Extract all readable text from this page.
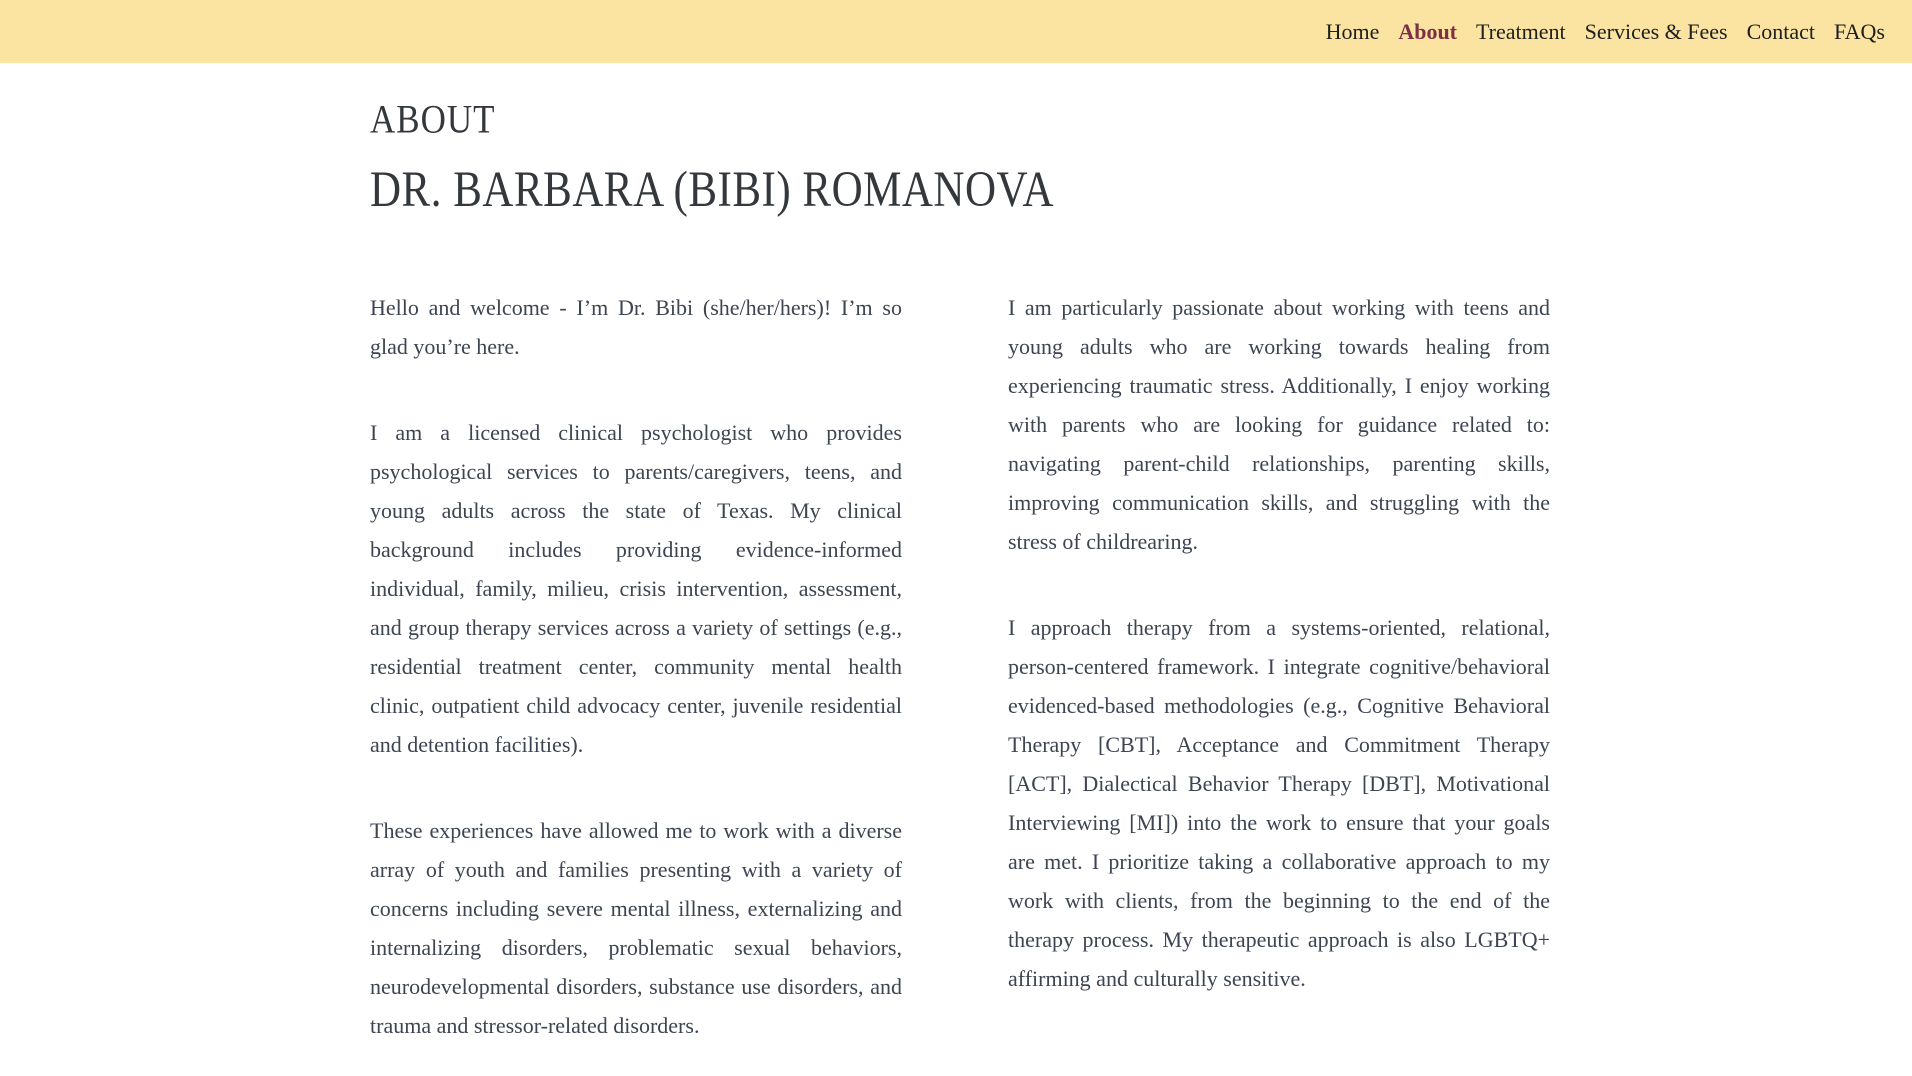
Home About Treatment Services & Fees Contact FAQs
ABOUT
DR. BARBARA (BIBI) ROMANOVA

Hello and welcome - I’m Dr. Bibi (she/her/hers)! I’m so glad you’re here.

I am a licensed clinical psychologist who provides psychological services to parents/caregivers, teens, and young adults across the state of Texas. My clinical background includes providing evidence-informed individual, family, milieu, crisis intervention, assessment, and group therapy services across a variety of settings (e.g., residential treatment center, community mental health clinic, outpatient child advocacy center, juvenile residential and detention facilities).

These experiences have allowed me to work with a diverse array of youth and families presenting with a variety of concerns including severe mental illness, externalizing and internalizing disorders, problematic sexual behaviors, neurodevelopmental disorders, substance use disorders, and trauma and stressor-related disorders.

I am particularly passionate about working with teens and young adults who are working towards healing from experiencing traumatic stress. Additionally, I enjoy working with parents who are looking for guidance related to: navigating parent-child relationships, parenting skills, improving communication skills, and struggling with the stress of childrearing.

I approach therapy from a systems-oriented, relational, person-centered framework. I integrate cognitive/behavioral evidenced-based methodologies (e.g., Cognitive Behavioral Therapy [CBT], Acceptance and Commitment Therapy [ACT], Dialectical Behavior Therapy [DBT], Motivational Interviewing [MI]) into the work to ensure that your goals are met. I prioritize taking a collaborative approach to my work with clients, from the beginning to the end of the therapy process. My therapeutic approach is also LGBTQ+ affirming and culturally sensitive.
